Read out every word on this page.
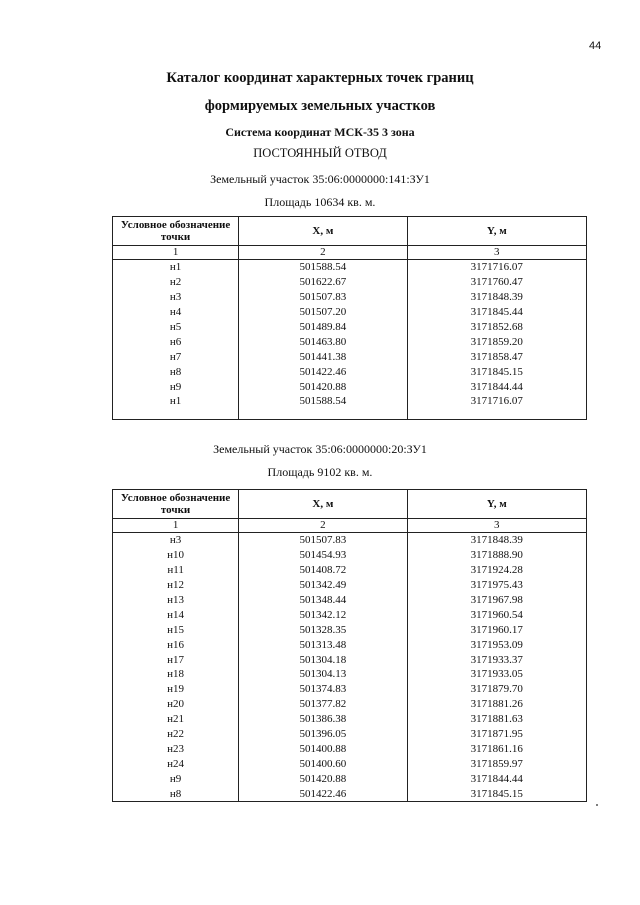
44
Каталог координат характерных точек границ
формируемых земельных участков
Система координат МСК-35 3 зона
ПОСТОЯННЫЙ ОТВОД
Земельный участок 35:06:0000000:141:ЗУ1
Площадь 10634 кв. м.
Условное обозначение точки	X, м	Y, м
1	2	3
н1	501588.54	3171716.07
н2	501622.67	3171760.47
н3	501507.83	3171848.39
н4	501507.20	3171845.44
н5	501489.84	3171852.68
н6	501463.80	3171859.20
н7	501441.38	3171858.47
н8	501422.46	3171845.15
н9	501420.88	3171844.44
н1	501588.54	3171716.07

Земельный участок 35:06:0000000:20:ЗУ1
Площадь 9102 кв. м.
Условное обозначение точки	X, м	Y, м
1	2	3
н3	501507.83	3171848.39
н10	501454.93	3171888.90
н11	501408.72	3171924.28
н12	501342.49	3171975.43
н13	501348.44	3171967.98
н14	501342.12	3171960.54
н15	501328.35	3171960.17
н16	501313.48	3171953.09
н17	501304.18	3171933.37
н18	501304.13	3171933.05
н19	501374.83	3171879.70
н20	501377.82	3171881.26
н21	501386.38	3171881.63
н22	501396.05	3171871.95
н23	501400.88	3171861.16
н24	501400.60	3171859.97
н9	501420.88	3171844.44
н8	501422.46	3171845.15
